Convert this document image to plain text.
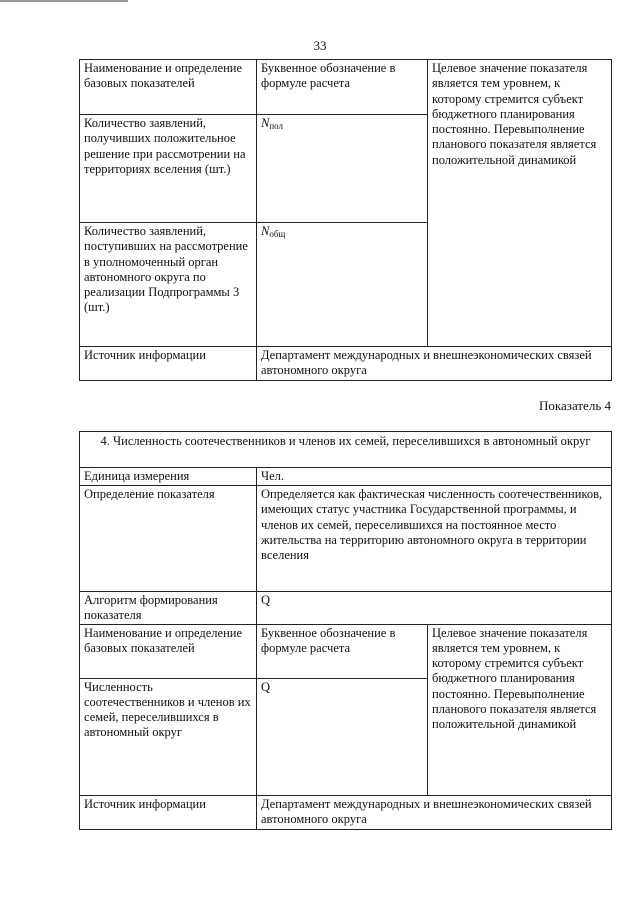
33
Наименование и определение базовых показателей	Буквенное обозначение в формуле расчета	Целевое значение показателя является тем уровнем, к которому стремится субъект бюджетного планирования постоянно. Перевыполнение планового показателя является положительной динамикой
Количество заявлений, получивших положительное решение при рассмотрении на территориях вселения (шт.)	$N_{пол}$
Количество заявлений, поступивших на рассмотрение в уполномоченный орган автономного округа по реализации Подпрограммы 3 (шт.)	$N_{общ}$
Источник информации	Департамент международных и внешнеэкономических связей автономного округа	
Показатель 4
4. Численность соотечественников и членов их семей, переселившихся в автономный округ		
Единица измерения	Чел.	
Определение показателя	Определяется как фактическая численность соотечественников, имеющих статус участника Государственной программы, и членов их семей, переселившихся на постоянное место жительства на территорию автономного округа в территории вселения	
Алгоритм формирования показателя	Q	
Наименование и определение базовых показателей	Буквенное обозначение в формуле расчета	Целевое значение показателя является тем уровнем, к которому стремится субъект бюджетного планирования постоянно. Перевыполнение планового показателя является положительной динамикой
Численность соотечественников и членов их семей, переселившихся в автономный округ	Q	
Источник информации	Департамент международных и внешнеэкономических связей автономного округа	
